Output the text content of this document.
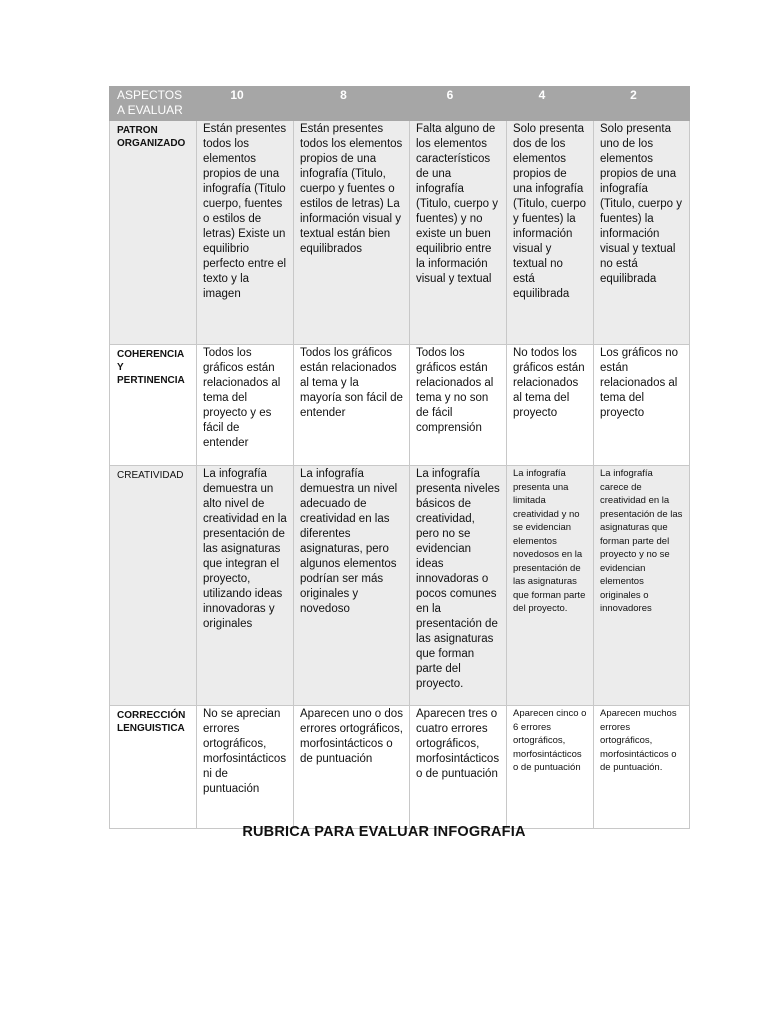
ASPECTOS A EVALUAR	10	8	6	4	2
PATRON ORGANIZADO	Están presentes todos los elementos propios de una infografía (Titulo cuerpo, fuentes o estilos de letras) Existe un equilibrio perfecto entre el texto y la imagen	Están presentes todos los elementos propios de una infografía (Titulo, cuerpo y fuentes o estilos de letras) La información visual y textual están bien equilibrados	Falta alguno de los elementos característicos de una infografía (Titulo, cuerpo y fuentes) y no existe un buen equilibrio entre la información visual y textual	Solo presenta dos de los elementos propios de una infografía (Titulo, cuerpo y fuentes) la información visual y textual no está equilibrada	Solo presenta uno de los elementos propios de una infografía (Titulo, cuerpo y fuentes) la información visual y textual no está equilibrada
COHERENCIA Y PERTINENCIA	Todos los gráficos están relacionados al tema del proyecto y es fácil de entender	Todos los gráficos están relacionados al tema y la mayoría son fácil de entender	Todos los gráficos están relacionados al tema y no son de fácil comprensión	No todos los gráficos están relacionados al tema del proyecto	Los gráficos no están relacionados al tema del proyecto
CREATIVIDAD	La infografía demuestra un alto nivel de creatividad en la presentación de las asignaturas que integran el proyecto, utilizando ideas innovadoras y originales	La infografía demuestra un nivel adecuado de creatividad en las diferentes asignaturas, pero algunos elementos podrían ser más originales y novedoso	La infografía presenta niveles básicos de creatividad, pero no se evidencian ideas innovadoras o pocos comunes en la presentación de las asignaturas que forman parte del proyecto.	La infografía presenta una limitada creatividad y no se evidencian elementos novedosos en la presentación de las asignaturas que forman parte del proyecto.	La infografía carece de creatividad en la presentación de las asignaturas que forman parte del proyecto y no se evidencian elementos originales o innovadores
CORRECCIÓN LENGUISTICA	No se aprecian errores ortográficos, morfosintácticos ni de puntuación	Aparecen uno o dos errores ortográficos, morfosintácticos o de puntuación	Aparecen tres o cuatro errores ortográficos, morfosintácticos o de puntuación	Aparecen cinco o 6 errores ortográficos, morfosintácticos o de puntuación	Aparecen muchos errores ortográficos, morfosintácticos o de puntuación.
RUBRICA PARA EVALUAR INFOGRAFIA
